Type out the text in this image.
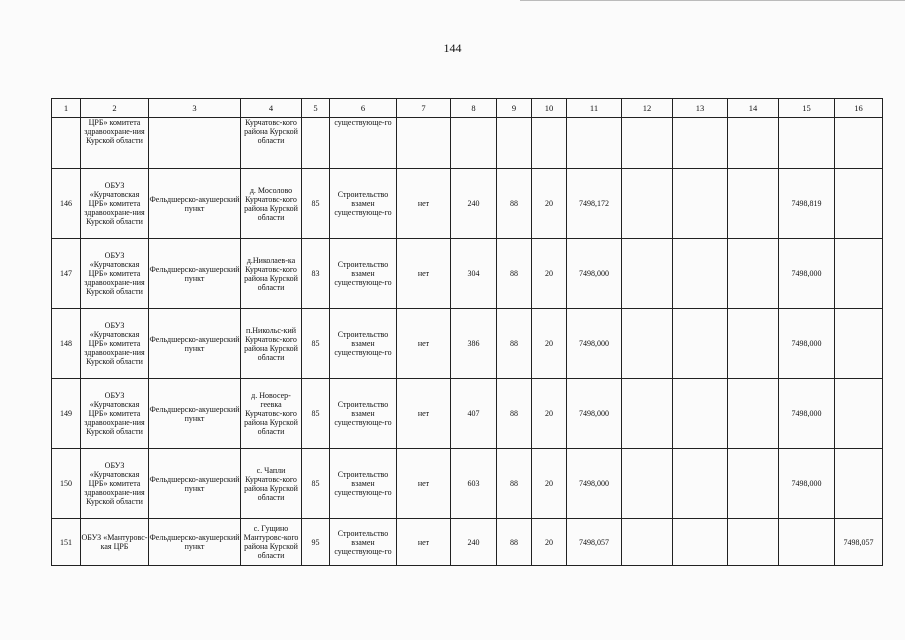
144
1	2	3	4	5	6	7	8	9	10	11	12	13	14	15	16
	ЦРБ» комитета здравоохране-ния Курской области		Курчатовс-кого района Курской области		существующе-го										
146	ОБУЗ «Курчатовская ЦРБ» комитета здравоохране-ния Курской области	Фельдшерско-акушерский пункт	д. Мосолово Курчатовс-кого района Курской области	85	Строительство взамен существующе-го	нет	240	88	20	7498,172				7498,819	
147	ОБУЗ «Курчатовская ЦРБ» комитета здравоохране-ния Курской области	Фельдшерско-акушерский пункт	д.Николаев-ка Курчатовс-кого района Курской области	83	Строительство взамен существующе-го	нет	304	88	20	7498,000				7498,000	
148	ОБУЗ «Курчатовская ЦРБ» комитета здравоохране-ния Курской области	Фельдшерско-акушерский пункт	п.Никольс-кий Курчатовс-кого района Курской области	85	Строительство взамен существующе-го	нет	386	88	20	7498,000				7498,000	
149	ОБУЗ «Курчатовская ЦРБ» комитета здравоохране-ния Курской области	Фельдшерско-акушерский пункт	д. Новосер-геевка Курчатовс-кого района Курской области	85	Строительство взамен существующе-го	нет	407	88	20	7498,000				7498,000	
150	ОБУЗ «Курчатовская ЦРБ» комитета здравоохране-ния Курской области	Фельдшерско-акушерский пункт	с. Чапли Курчатовс-кого района Курской области	85	Строительство взамен существующе-го	нет	603	88	20	7498,000				7498,000	
151	ОБУЗ «Мантуровс-кая ЦРБ	Фельдшерско-акушерский пункт	с. Гущино Мантуровс-кого района Курской области	95	Строительство взамен существующе-го	нет	240	88	20	7498,057					7498,057
